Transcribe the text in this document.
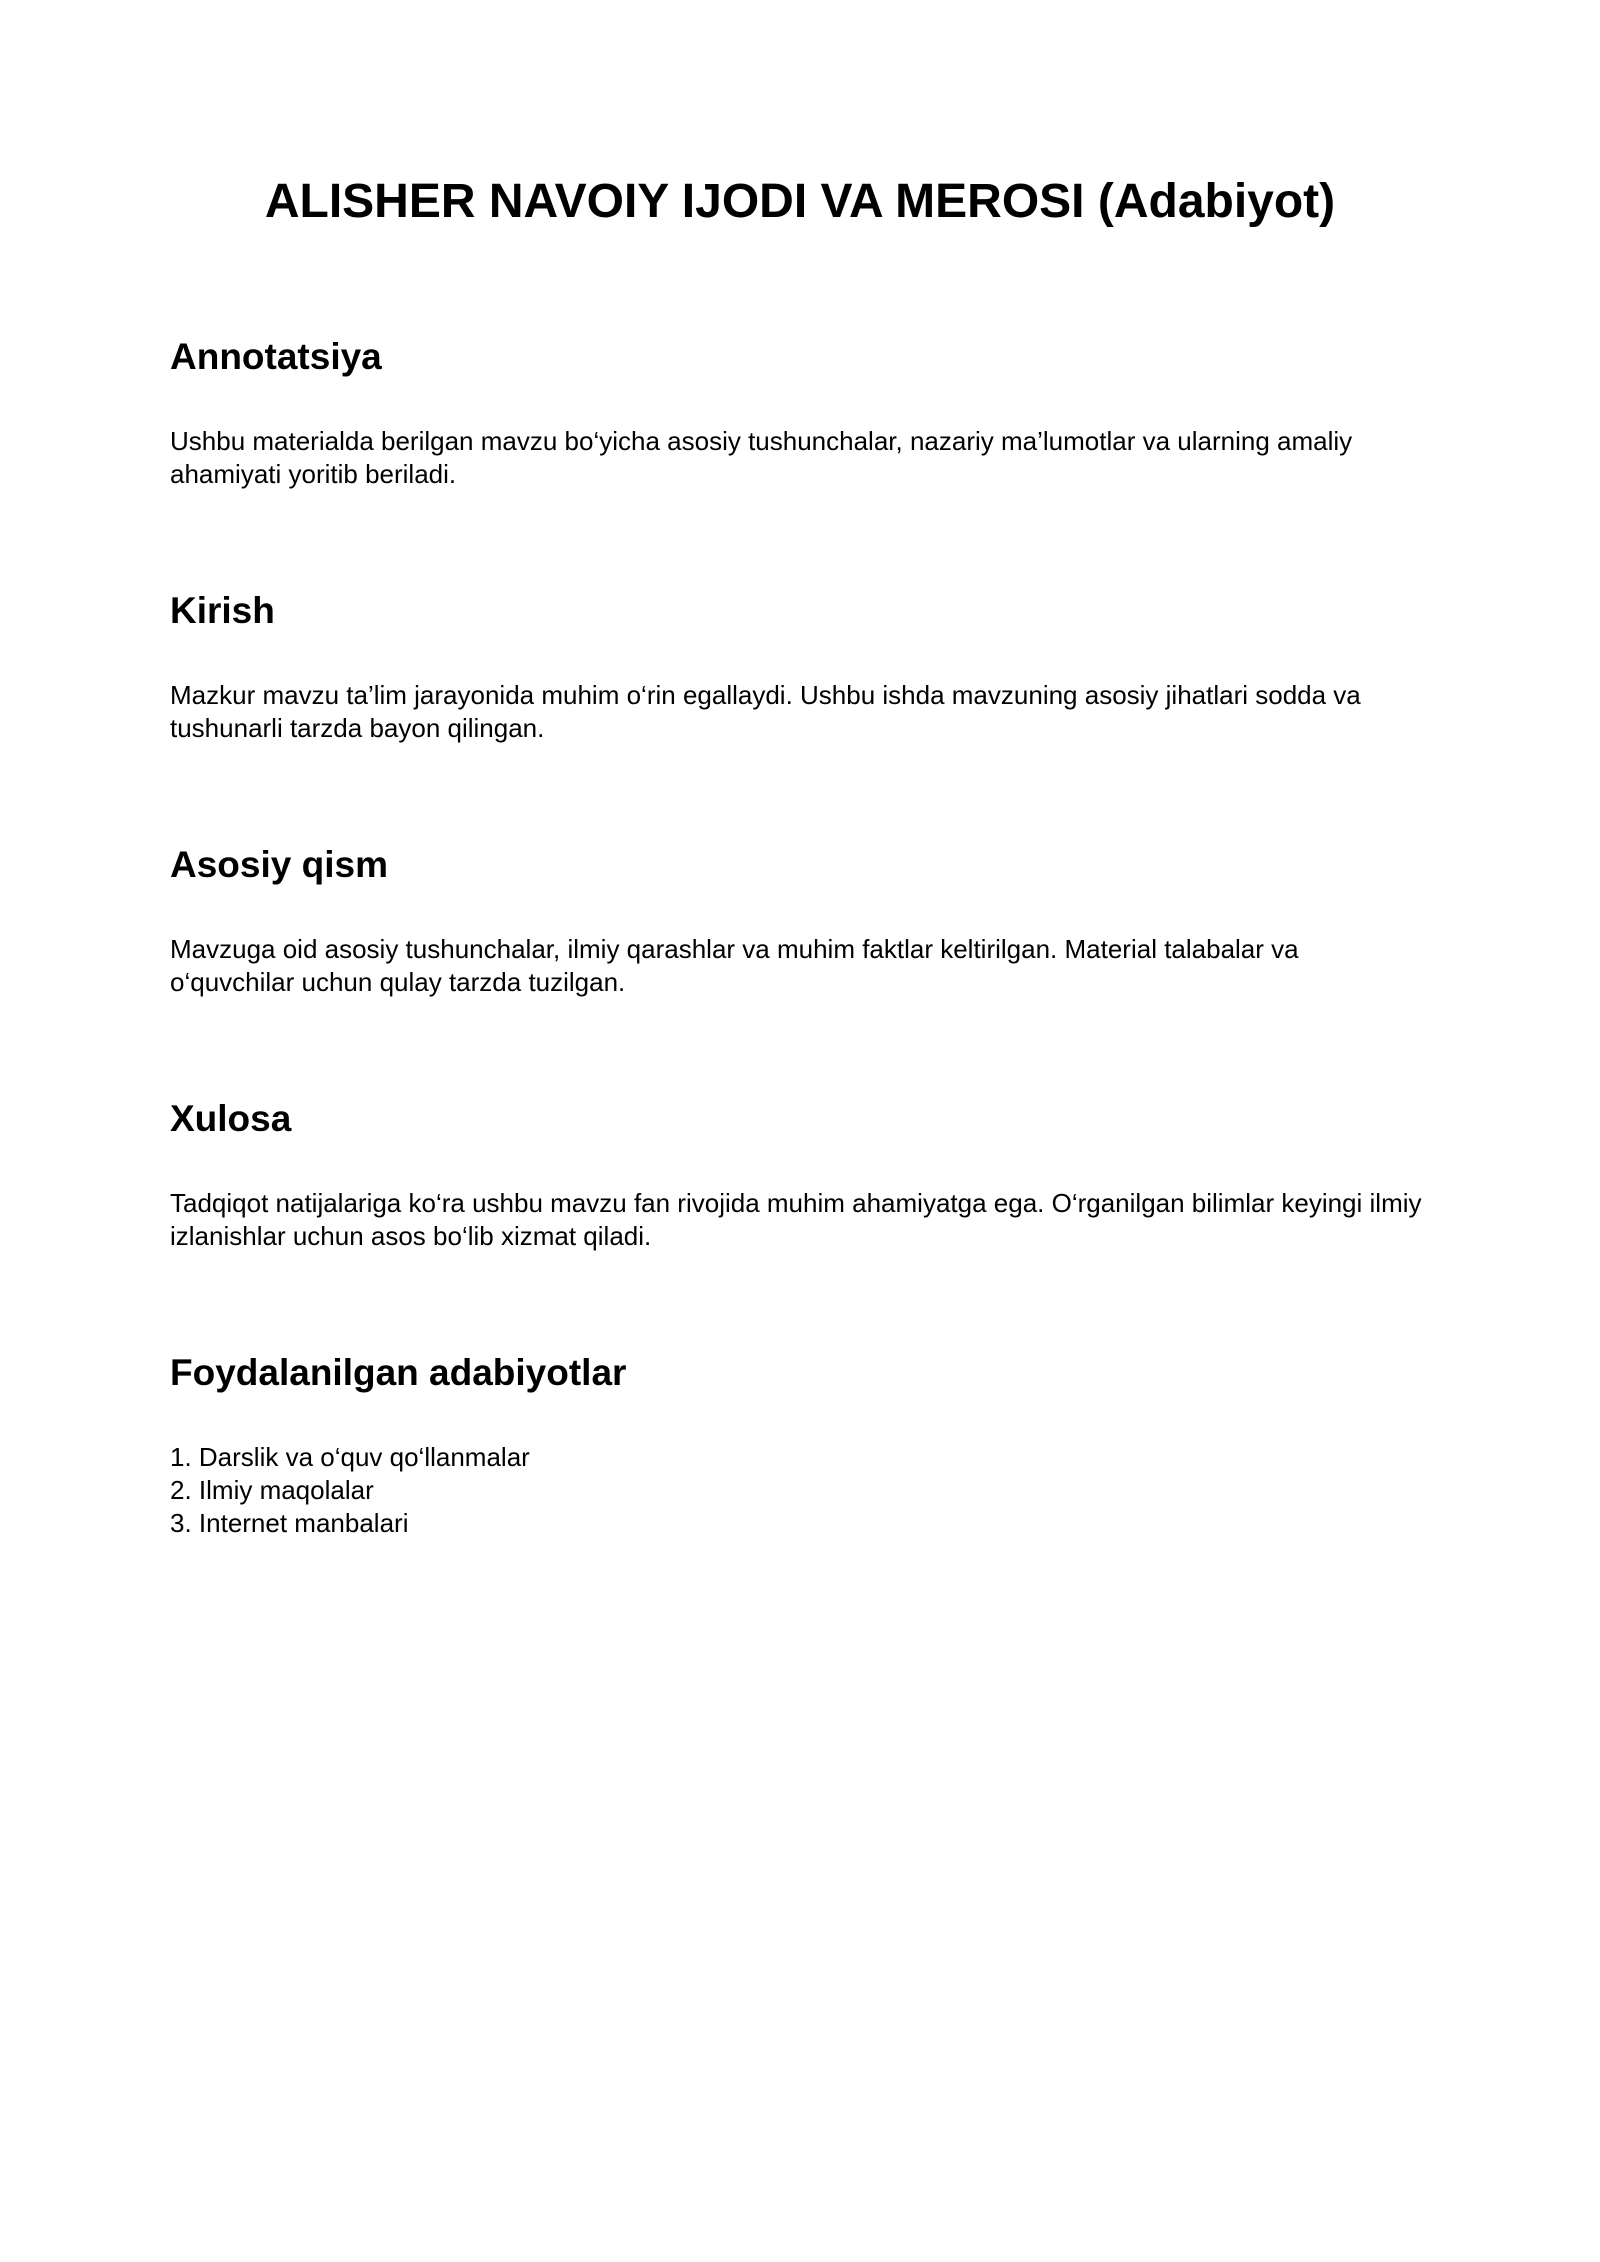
ALISHER NAVOIY IJODI VA MEROSI (Adabiyot)
Annotatsiya

Ushbu materialda berilgan mavzu bo‘yicha asosiy tushunchalar, nazariy ma’lumotlar va ularning amaliy ahamiyati yoritib beriladi.

Kirish

Mazkur mavzu ta’lim jarayonida muhim o‘rin egallaydi. Ushbu ishda mavzuning asosiy jihatlari sodda va tushunarli tarzda bayon qilingan.

Asosiy qism

Mavzuga oid asosiy tushunchalar, ilmiy qarashlar va muhim faktlar keltirilgan. Material talabalar va o‘quvchilar uchun qulay tarzda tuzilgan.

Xulosa

Tadqiqot natijalariga ko‘ra ushbu mavzu fan rivojida muhim ahamiyatga ega. O‘rganilgan bilimlar keyingi ilmiy izlanishlar uchun asos bo‘lib xizmat qiladi.

Foydalanilgan adabiyotlar
1. Darslik va o‘quv qo‘llanmalar
2. Ilmiy maqolalar
3. Internet manbalari
